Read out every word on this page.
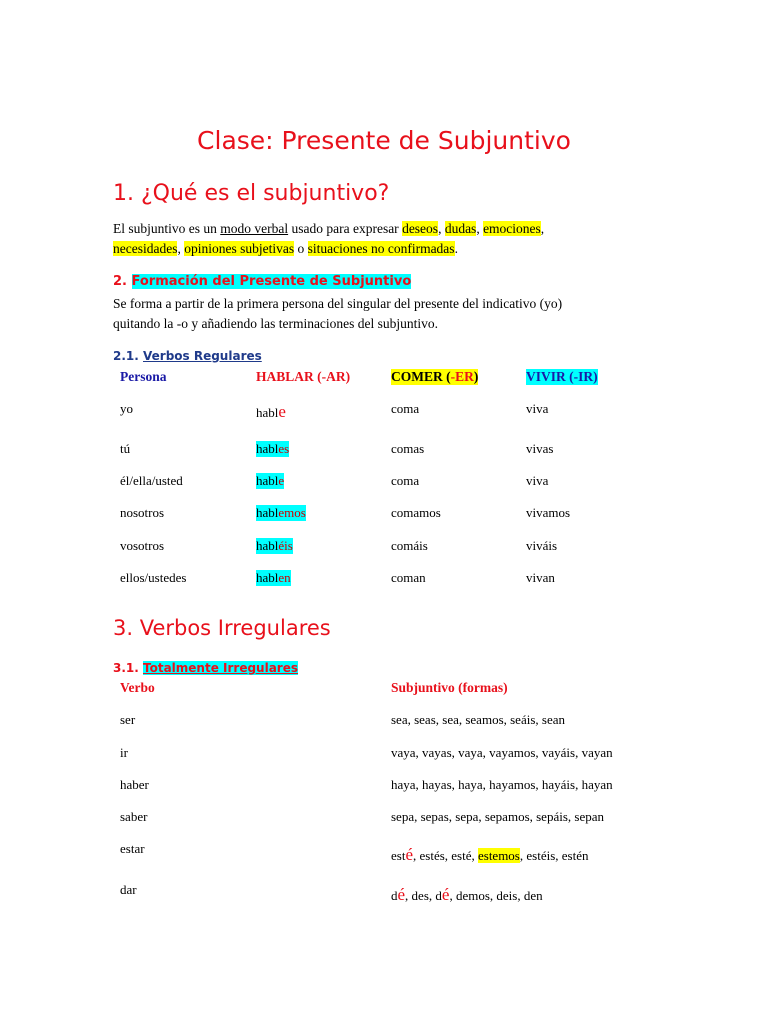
Clase: Presente de Subjuntivo
1. ¿Qué es el subjuntivo?
El subjuntivo es un modo verbal usado para expresar deseos, dudas, emociones,
necesidades, opiniones subjetivas o situaciones no confirmadas.
2. Formación del Presente de Subjuntivo
Se forma a partir de la primera persona del singular del presente del indicativo (yo)
quitando la -o y añadiendo las terminaciones del subjuntivo.
2.1. Verbos Regulares
Persona	HABLAR (-AR)	COMER (-ER)	VIVIR (-IR)
yo	hable	coma	viva
tú	hables	comas	vivas
él/ella/usted	hable	coma	viva
nosotros	hablemos	comamos	vivamos
vosotros	habléis	comáis	viváis
ellos/ustedes	hablen	coman	vivan
3. Verbos Irregulares
3.1. Totalmente Irregulares
Verbo	Subjuntivo (formas)
ser	sea, seas, sea, seamos, seáis, sean
ir	vaya, vayas, vaya, vayamos, vayáis, vayan
haber	haya, hayas, haya, hayamos, hayáis, hayan
saber	sepa, sepas, sepa, sepamos, sepáis, sepan
estar	esté, estés, esté, estemos, estéis, estén
dar	dé, des, dé, demos, deis, den
